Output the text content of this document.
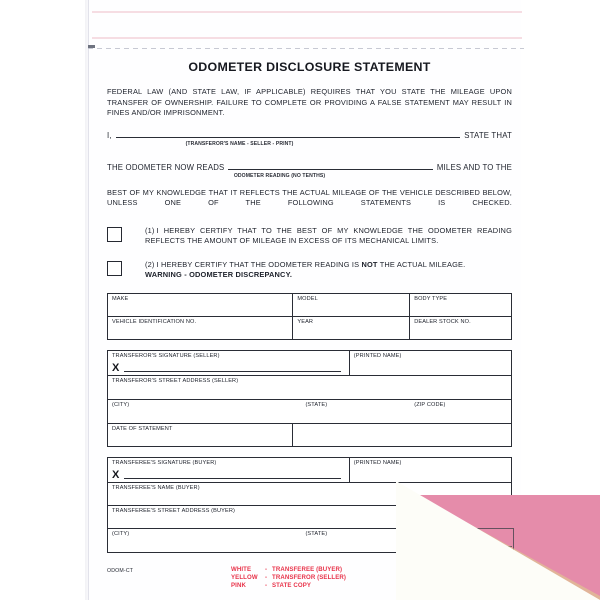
ODOMETER DISCLOSURE STATEMENT

FEDERAL LAW (AND STATE LAW, IF APPLICABLE) REQUIRES THAT YOU STATE THE MILEAGE UPON TRANSFER OF OWNERSHIP. FAILURE TO COMPLETE OR PROVIDING A FALSE STATEMENT MAY RESULT IN FINES AND/OR IMPRISONMENT.

I,	STATE THAT
(TRANSFEROR'S NAME - SELLER - PRINT)
THE ODOMETER NOW READS	MILES AND TO THE
ODOMETER READING (NO TENTHS)

BEST OF MY KNOWLEDGE THAT IT REFLECTS THE ACTUAL MILEAGE OF THE VEHICLE DESCRIBED BELOW, UNLESS ONE OF THE FOLLOWING STATEMENTS IS CHECKED.

(1) I HEREBY CERTIFY THAT TO THE BEST OF MY KNOWLEDGE THE ODOMETER READING REFLECTS THE AMOUNT OF MILEAGE IN EXCESS OF ITS MECHANICAL LIMITS.
(2) I HEREBY CERTIFY THAT THE ODOMETER READING IS NOT THE ACTUAL MILEAGE.
WARNING - ODOMETER DISCREPANCY.
MAKE	MODEL	BODY TYPE
VEHICLE IDENTIFICATION NO.	YEAR	DEALER STOCK NO.
TRANSFEROR'S SIGNATURE (SELLER)
X
(PRINTED NAME)
TRANSFEROR'S STREET ADDRESS (SELLER)
(CITY)	(STATE)	(ZIP CODE)
DATE OF STATEMENT
TRANSFEREE'S SIGNATURE (BUYER)
X
(PRINTED NAME)
TRANSFEREE'S NAME (BUYER)
TRANSFEREE'S STREET ADDRESS (BUYER)
(CITY)	(STATE)
ODOM-CT	WHITE	- TRANSFEREE (BUYER)
YELLOW	- TRANSFEROR (SELLER)
PINK	- STATE COPY
